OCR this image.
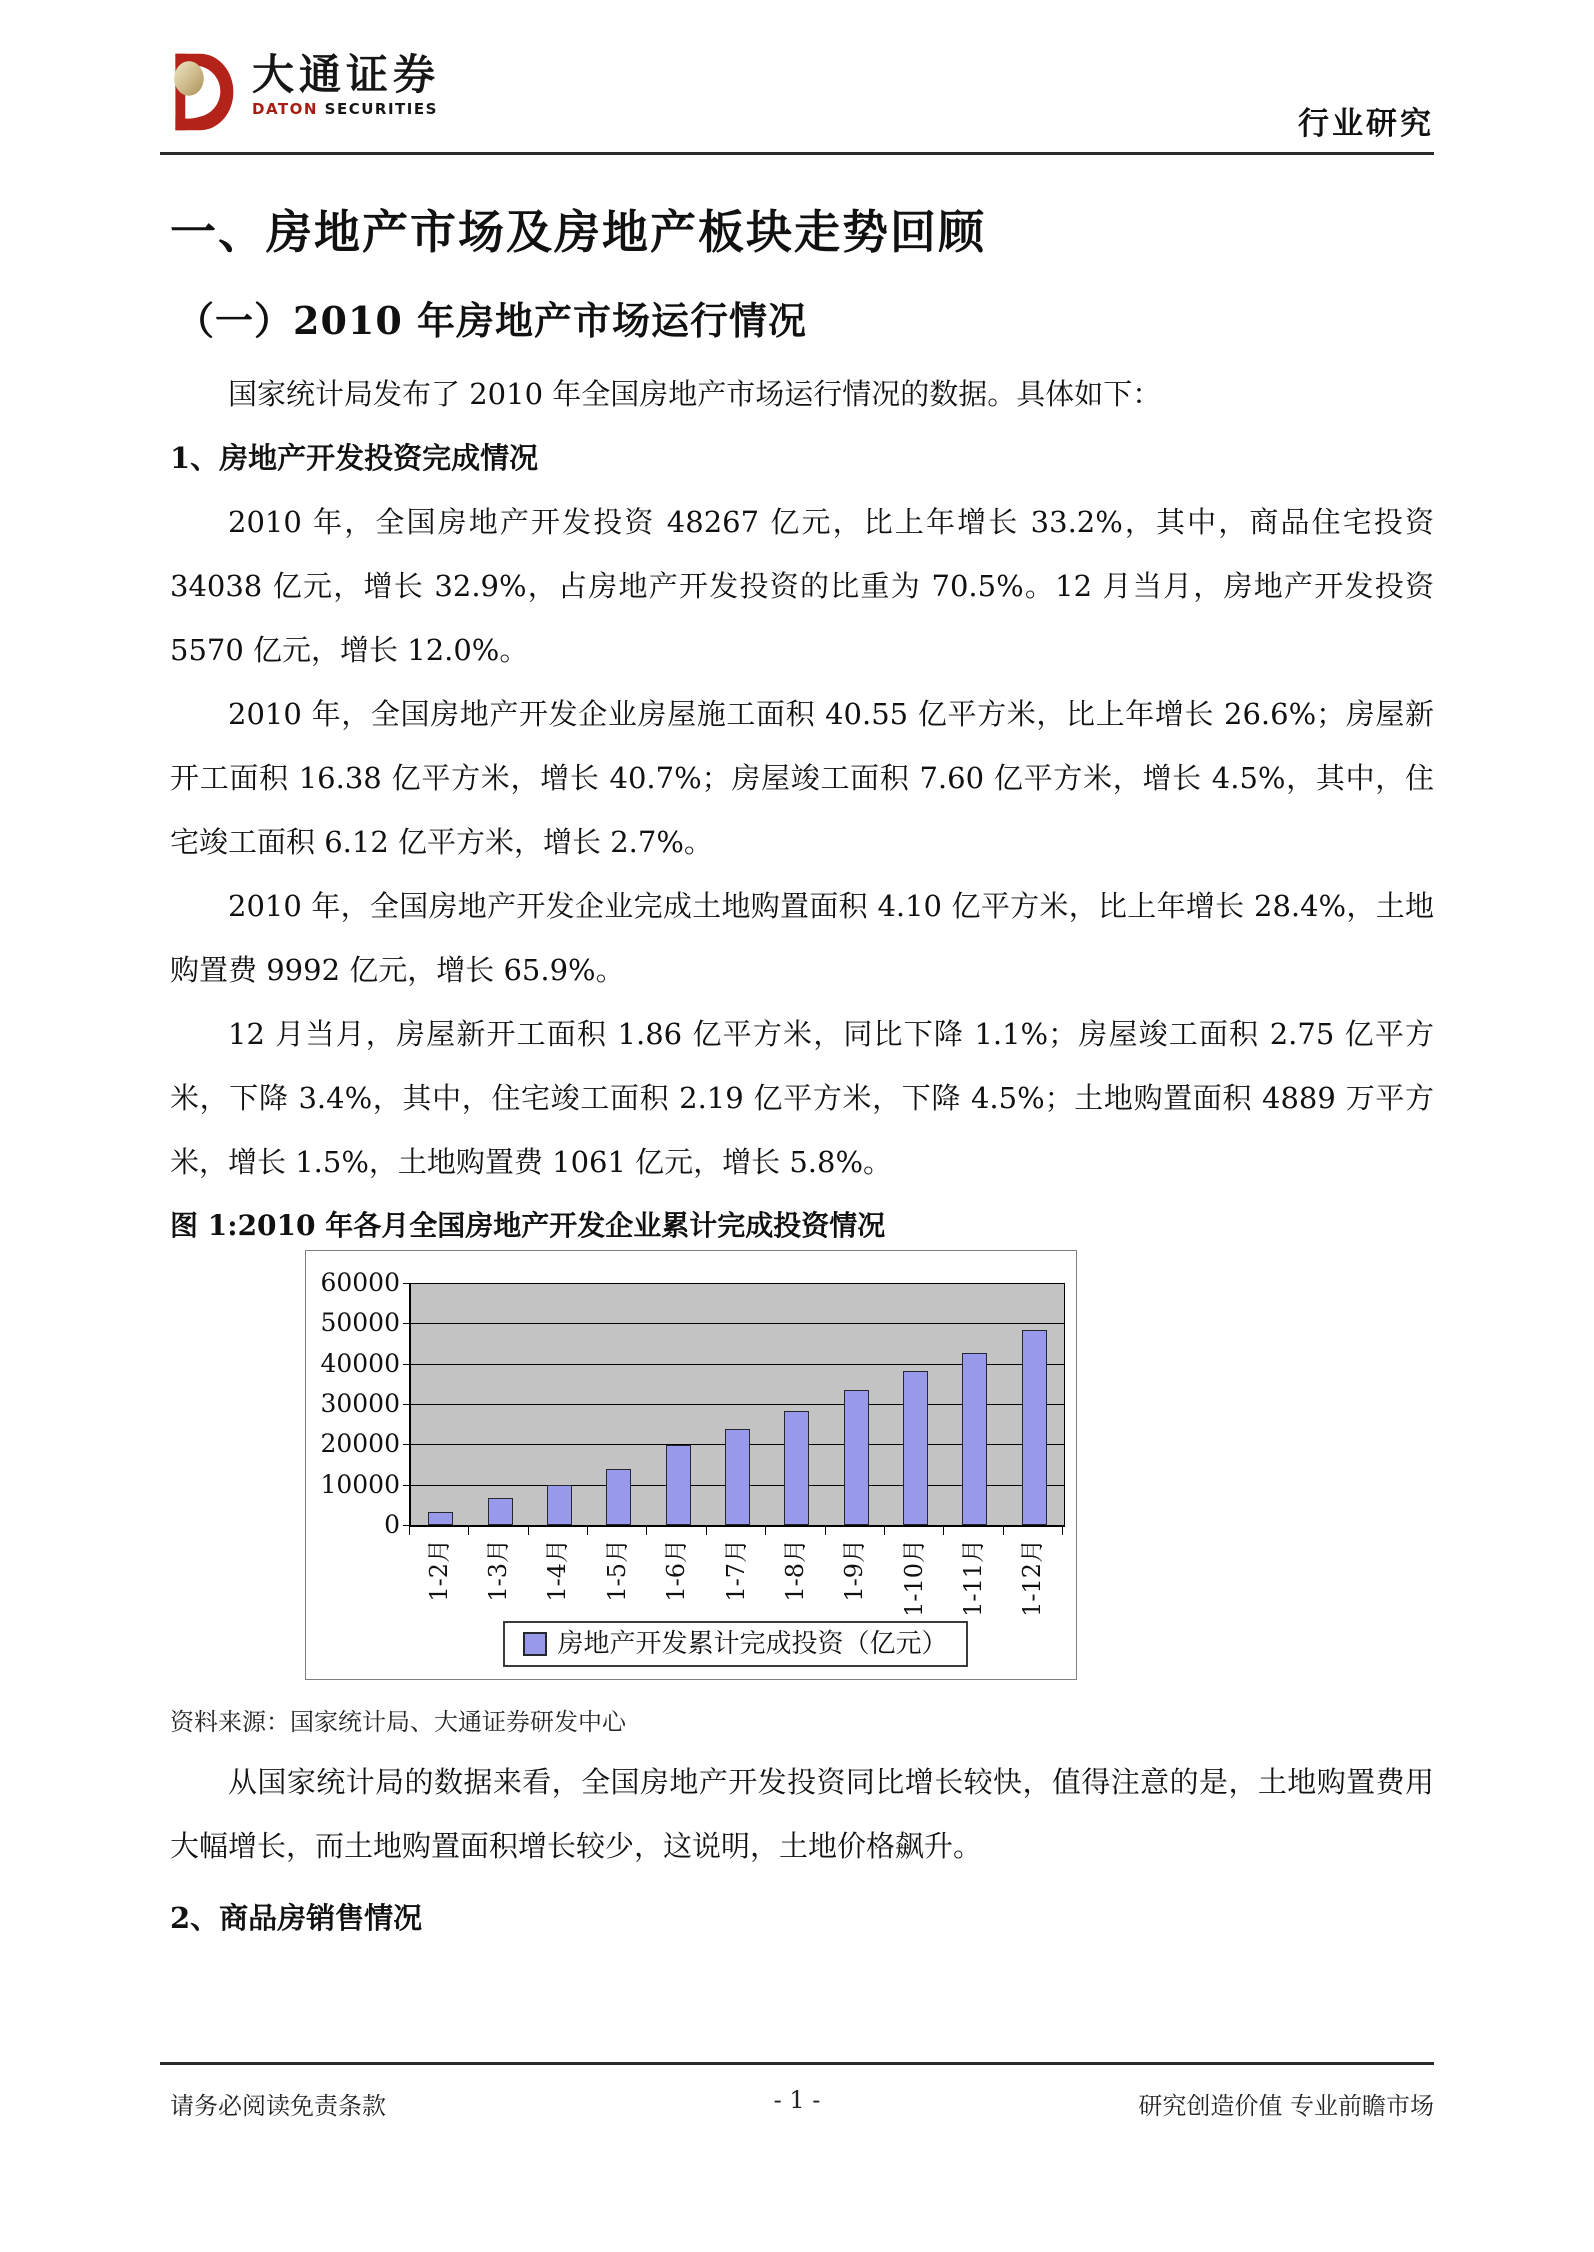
大通证券
DATON SECURITIES	行业研究
一、房地产市场及房地产板块走势回顾
（一）2010 年房地产市场运行情况

国家统计局发布了 2010 年全国房地产市场运行情况的数据。具体如下：

1、房地产开发投资完成情况

2010 年，全国房地产开发投资 48267 亿元，比上年增长 33.2%，其中，商品住宅投资 34038 亿元，增长 32.9%，占房地产开发投资的比重为 70.5%。12 月当月，房地产开发投资 5570 亿元，增长 12.0%。

2010 年，全国房地产开发企业房屋施工面积 40.55 亿平方米，比上年增长 26.6%；房屋新开工面积 16.38 亿平方米，增长 40.7%；房屋竣工面积 7.60 亿平方米，增长 4.5%，其中，住宅竣工面积 6.12 亿平方米，增长 2.7%。

2010 年，全国房地产开发企业完成土地购置面积 4.10 亿平方米，比上年增长 28.4%，土地购置费 9992 亿元，增长 65.9%。

12 月当月，房屋新开工面积 1.86 亿平方米，同比下降 1.1%；房屋竣工面积 2.75 亿平方米，下降 3.4%，其中，住宅竣工面积 2.19 亿平方米，下降 4.5%；土地购置面积 4889 万平方米，增长 1.5%，土地购置费 1061 亿元，增长 5.8%。

图 1:2010 年各月全国房地产开发企业累计完成投资情况
0
10000
20000
30000
40000
50000
60000
1-2月 1-3月 1-4月 1-5月 1-6月 1-7月 1-8月 1-9月 1-10月 1-11月 1-12月
房地产开发累计完成投资（亿元）
资料来源：国家统计局、大通证券研发中心

从国家统计局的数据来看，全国房地产开发投资同比增长较快，值得注意的是，土地购置费用大幅增长，而土地购置面积增长较少，这说明，土地价格飙升。

2、商品房销售情况
请务必阅读免责条款	- 1 -	研究创造价值 专业前瞻市场
